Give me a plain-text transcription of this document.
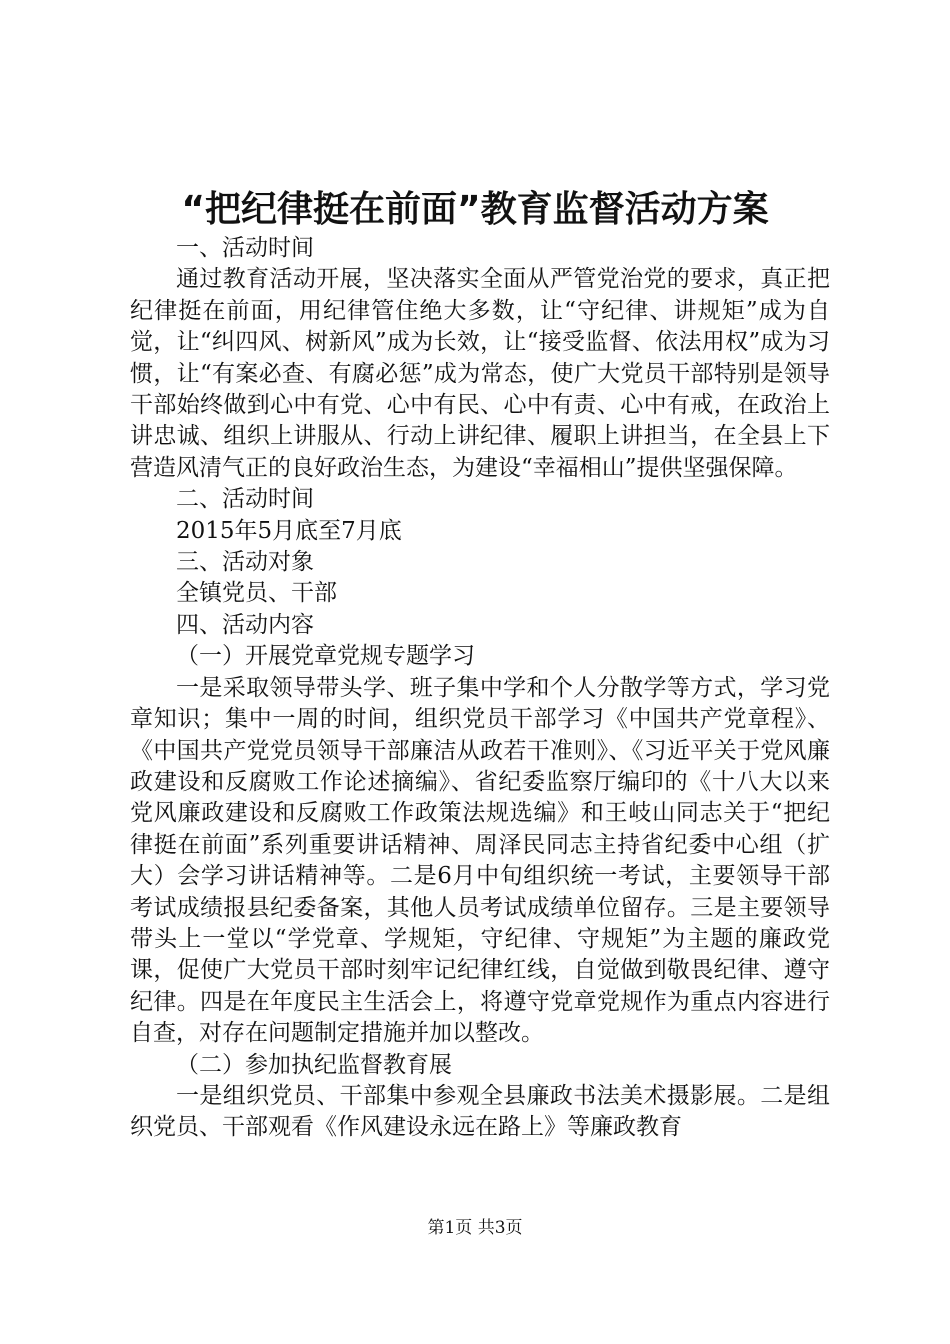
“把纪律挺在前面”教育监督活动方案

一、活动时间

通过教育活动开展，坚决落实全面从严管党治党的要求，真正把纪律挺在前面，用纪律管住绝大多数，让“守纪律、讲规矩”成为自觉，让“纠四风、树新风”成为长效，让“接受监督、依法用权”成为习惯，让“有案必查、有腐必惩”成为常态，使广大党员干部特别是领导干部始终做到心中有党、心中有民、心中有责、心中有戒，在政治上讲忠诚、组织上讲服从、行动上讲纪律、履职上讲担当，在全县上下营造风清气正的良好政治生态，为建设“幸福相山”提供坚强保障。

二、活动时间

2015年5月底至7月底

三、活动对象

全镇党员、干部

四、活动内容

（一）开展党章党规专题学习

一是采取领导带头学、班子集中学和个人分散学等方式，学习党章知识；集中一周的时间，组织党员干部学习《中国共产党章程》、《中国共产党党员领导干部廉洁从政若干准则》、《习近平关于党风廉政建设和反腐败工作论述摘编》、省纪委监察厅编印的《十八大以来党风廉政建设和反腐败工作政策法规选编》和王岐山同志关于“把纪律挺在前面”系列重要讲话精神、周泽民同志主持省纪委中心组（扩大）会学习讲话精神等。二是6月中旬组织统一考试，主要领导干部考试成绩报县纪委备案，其他人员考试成绩单位留存。三是主要领导带头上一堂以“学党章、学规矩，守纪律、守规矩”为主题的廉政党课，促使广大党员干部时刻牢记纪律红线，自觉做到敬畏纪律、遵守纪律。四是在年度民主生活会上，将遵守党章党规作为重点内容进行自查，对存在问题制定措施并加以整改。

（二）参加执纪监督教育展

一是组织党员、干部集中参观全县廉政书法美术摄影展。二是组织党员、干部观看《作风建设永远在路上》等廉政教育

第1页 共3页
